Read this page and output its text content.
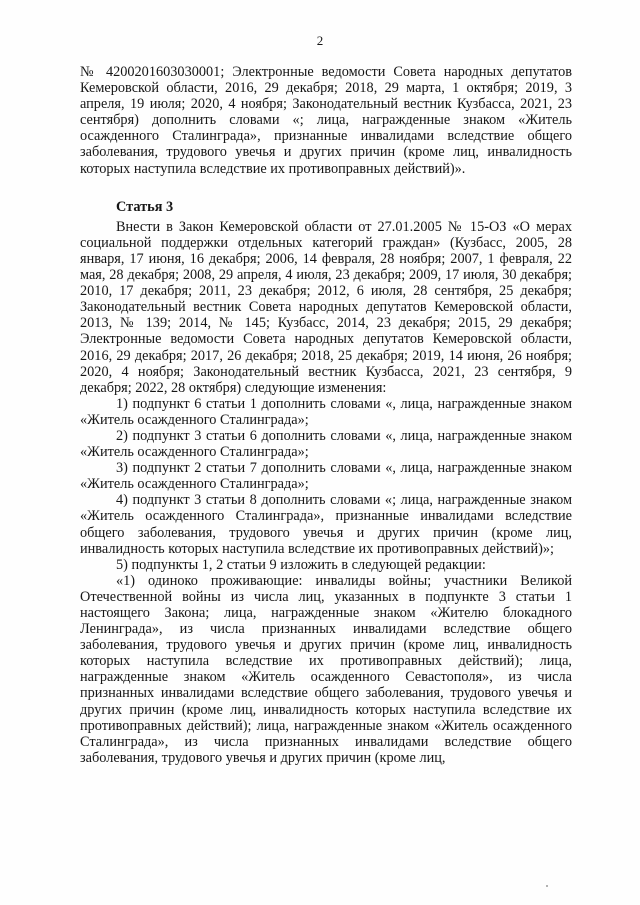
2

№ 4200201603030001; Электронные ведомости Совета народных депутатов Кемеровской области, 2016, 29 декабря; 2018, 29 марта, 1 октября; 2019, 3 апреля, 19 июля; 2020, 4 ноября; Законодательный вестник Кузбасса, 2021, 23 сентября) дополнить словами «; лица, награжденные знаком «Житель осажденного Сталинграда», признанные инвалидами вследствие общего заболевания, трудового увечья и других причин (кроме лиц, инвалидность которых наступила вследствие их противоправных действий)».

Статья 3

Внести в Закон Кемеровской области от 27.01.2005 № 15-ОЗ «О мерах социальной поддержки отдельных категорий граждан» (Кузбасс, 2005, 28 января, 17 июня, 16 декабря; 2006, 14 февраля, 28 ноября; 2007, 1 февраля, 22 мая, 28 декабря; 2008, 29 апреля, 4 июля, 23 декабря; 2009, 17 июля, 30 декабря; 2010, 17 декабря; 2011, 23 декабря; 2012, 6 июля, 28 сентября, 25 декабря; Законодательный вестник Совета народных депутатов Кемеровской области, 2013, № 139; 2014, № 145; Кузбасс, 2014, 23 декабря; 2015, 29 декабря; Электронные ведомости Совета народных депутатов Кемеровской области, 2016, 29 декабря; 2017, 26 декабря; 2018, 25 декабря; 2019, 14 июня, 26 ноября; 2020, 4 ноября; Законодательный вестник Кузбасса, 2021, 23 сентября, 9 декабря; 2022, 28 октября) следующие изменения:

1) подпункт 6 статьи 1 дополнить словами «, лица, награжденные знаком «Житель осажденного Сталинграда»;

2) подпункт 3 статьи 6 дополнить словами «, лица, награжденные знаком «Житель осажденного Сталинграда»;

3) подпункт 2 статьи 7 дополнить словами «, лица, награжденные знаком «Житель осажденного Сталинграда»;

4) подпункт 3 статьи 8 дополнить словами «; лица, награжденные знаком «Житель осажденного Сталинграда», признанные инвалидами вследствие общего заболевания, трудового увечья и других причин (кроме лиц, инвалидность которых наступила вследствие их противоправных действий)»;

5) подпункты 1, 2 статьи 9 изложить в следующей редакции:

«1) одиноко проживающие: инвалиды войны; участники Великой Отечественной войны из числа лиц, указанных в подпункте 3 статьи 1 настоящего Закона; лица, награжденные знаком «Жителю блокадного Ленинграда», из числа признанных инвалидами вследствие общего заболевания, трудового увечья и других причин (кроме лиц, инвалидность которых наступила вследствие их противоправных действий); лица, награжденные знаком «Житель осажденного Севастополя», из числа признанных инвалидами вследствие общего заболевания, трудового увечья и других причин (кроме лиц, инвалидность которых наступила вследствие их противоправных действий); лица, награжденные знаком «Житель осажденного Сталинграда», из числа признанных инвалидами вследствие общего заболевания, трудового увечья и других причин (кроме лиц,
